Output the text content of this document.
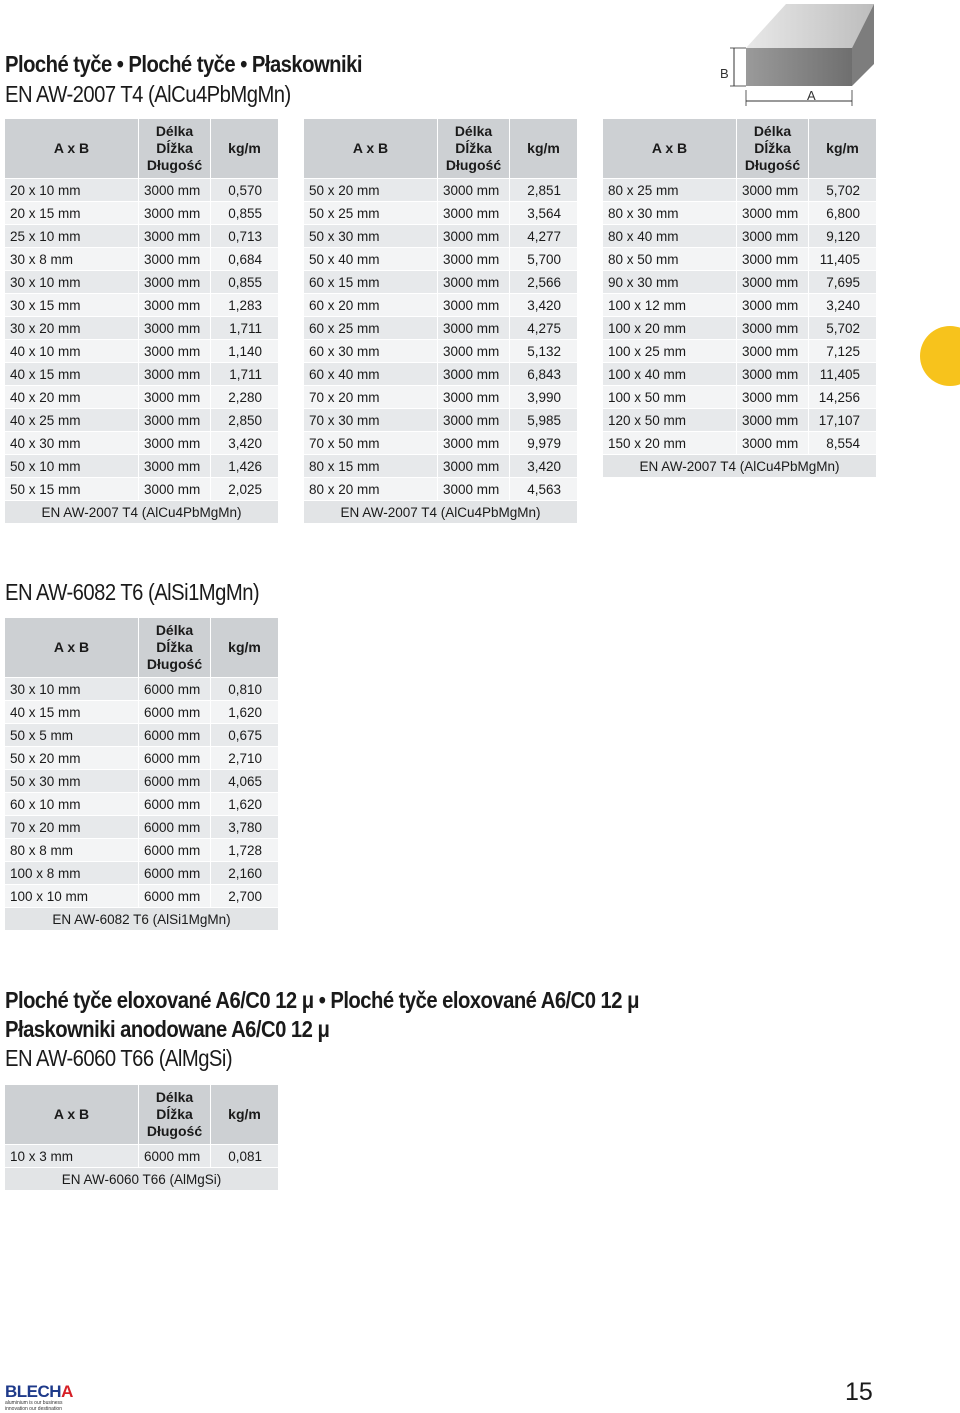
Ploché tyče • Ploché tyče • Płaskowniki
EN AW-2007 T4 (AlCu4PbMgMn)
B
A
A x B	Délka
Dĺžka
Długość	kg/m
20 x 10 mm	3000 mm	0,570
20 x 15 mm	3000 mm	0,855
25 x 10 mm	3000 mm	0,713
30 x 8 mm	3000 mm	0,684
30 x 10 mm	3000 mm	0,855
30 x 15 mm	3000 mm	1,283
30 x 20 mm	3000 mm	1,711
40 x 10 mm	3000 mm	1,140
40 x 15 mm	3000 mm	1,711
40 x 20 mm	3000 mm	2,280
40 x 25 mm	3000 mm	2,850
40 x 30 mm	3000 mm	3,420
50 x 10 mm	3000 mm	1,426
50 x 15 mm	3000 mm	2,025
EN AW-2007 T4 (AlCu4PbMgMn)		
A x B	Délka
Dĺžka
Długość	kg/m
50 x 20 mm	3000 mm	2,851
50 x 25 mm	3000 mm	3,564
50 x 30 mm	3000 mm	4,277
50 x 40 mm	3000 mm	5,700
60 x 15 mm	3000 mm	2,566
60 x 20 mm	3000 mm	3,420
60 x 25 mm	3000 mm	4,275
60 x 30 mm	3000 mm	5,132
60 x 40 mm	3000 mm	6,843
70 x 20 mm	3000 mm	3,990
70 x 30 mm	3000 mm	5,985
70 x 50 mm	3000 mm	9,979
80 x 15 mm	3000 mm	3,420
80 x 20 mm	3000 mm	4,563
EN AW-2007 T4 (AlCu4PbMgMn)		
A x B	Délka
Dĺžka
Długość	kg/m
80 x 25 mm	3000 mm	5,702
80 x 30 mm	3000 mm	6,800
80 x 40 mm	3000 mm	9,120
80 x 50 mm	3000 mm	11,405
90 x 30 mm	3000 mm	7,695
100 x 12 mm	3000 mm	3,240
100 x 20 mm	3000 mm	5,702
100 x 25 mm	3000 mm	7,125
100 x 40 mm	3000 mm	11,405
100 x 50 mm	3000 mm	14,256
120 x 50 mm	3000 mm	17,107
150 x 20 mm	3000 mm	8,554
EN AW-2007 T4 (AlCu4PbMgMn)		
EN AW-6082 T6 (AlSi1MgMn)
A x B	Délka
Dĺžka
Długość	kg/m
30 x 10 mm	6000 mm	0,810
40 x 15 mm	6000 mm	1,620
50 x 5 mm	6000 mm	0,675
50 x 20 mm	6000 mm	2,710
50 x 30 mm	6000 mm	4,065
60 x 10 mm	6000 mm	1,620
70 x 20 mm	6000 mm	3,780
80 x 8 mm	6000 mm	1,728
100 x 8 mm	6000 mm	2,160
100 x 10 mm	6000 mm	2,700
EN AW-6082 T6 (AlSi1MgMn)		
Ploché tyče eloxované A6/C0 12 μ • Ploché tyče eloxované A6/C0 12 μ
Płaskowniki anodowane A6/C0 12 μ
EN AW-6060 T66 (AlMgSi)
A x B	Délka
Dĺžka
Długość	kg/m
10 x 3 mm	6000 mm	0,081
EN AW-6060 T66 (AlMgSi)		
BLECHA
aluminium is our business
innovation our destination
15
